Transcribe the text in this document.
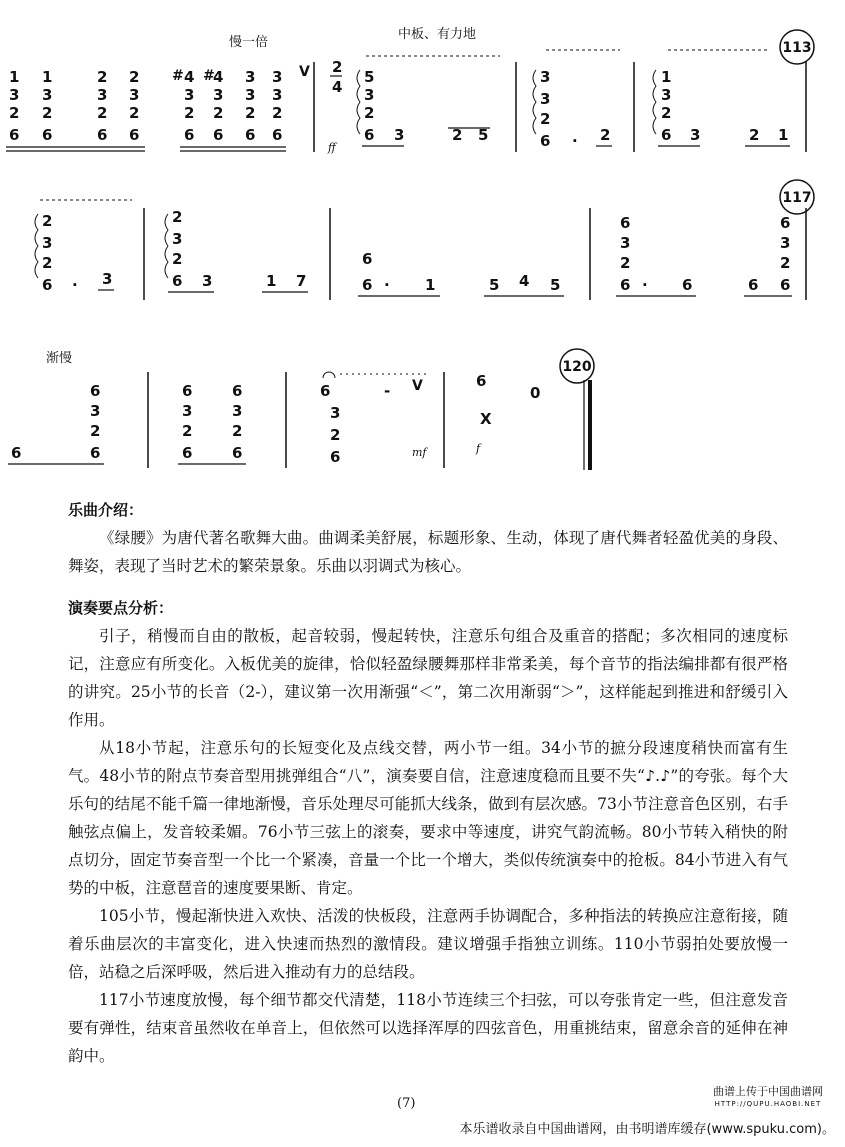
慢一倍
中板、有力地
1
3
2
6
1
3
2
6
2
3
2
6
2
3
2
6
4
#
3
2
6
4
#
3
2
6
3
3
2
6
3
3
2
6
V 2
4
ff
5
3
2
6 3	2 5
3
3
2
6 · 2
1
3
2
6 3	2 1
113
2
3
2
6 · 3
2
3
2
6 3	1 7
6
6 · 1	5 4 5
6
3
2
6 · 6
6
3
2
6
6
117
渐慢
6
3
2
6
6
6
3
2
6
6
3
2
6
6
3
2
6
- V
mf
6
X
f
0
120

乐曲介绍：

《绿腰》为唐代著名歌舞大曲。曲调柔美舒展，标题形象、生动，体现了唐代舞者轻盈优美的身段、舞姿，表现了当时艺术的繁荣景象。乐曲以羽调式为核心。

演奏要点分析：

引子，稍慢而自由的散板，起音较弱，慢起转快，注意乐句组合及重音的搭配；多次相同的速度标记，注意应有所变化。入板优美的旋律，恰似轻盈绿腰舞那样非常柔美，每个音节的指法编排都有很严格的讲究。25小节的长音（2-），建议第一次用渐强“＜”，第二次用渐弱“＞”，这样能起到推进和舒缓引入作用。

从18小节起，注意乐句的长短变化及点线交替，两小节一组。34小节的摭分段速度稍快而富有生气。48小节的附点节奏音型用挑弹组合“八”，演奏要自信，注意速度稳而且要不失“♪.♪”的夸张。每个大乐句的结尾不能千篇一律地渐慢，音乐处理尽可能抓大线条，做到有层次感。73小节注意音色区别，右手触弦点偏上，发音较柔媚。76小节三弦上的滚奏，要求中等速度，讲究气韵流畅。80小节转入稍快的附点切分，固定节奏音型一个比一个紧凑，音量一个比一个增大，类似传统演奏中的抢板。84小节进入有气势的中板，注意琶音的速度要果断、肯定。

105小节，慢起渐快进入欢快、活泼的快板段，注意两手协调配合，多种指法的转换应注意衔接，随着乐曲层次的丰富变化，进入快速而热烈的激情段。建议增强手指独立训练。110小节弱拍处要放慢一倍，站稳之后深呼吸，然后进入推动有力的总结段。

117小节速度放慢，每个细节都交代清楚，118小节连续三个扫弦，可以夸张肯定一些，但注意发音要有弹性，结束音虽然收在单音上，但依然可以选择浑厚的四弦音色，用重挑结束，留意余音的延伸在神韵中。

(7)
曲谱上传于中国曲谱网
HTTP://QUPU.HAOBI.NET
本乐谱收录自中国曲谱网，由书明谱库缓存(www.spuku.com)。
